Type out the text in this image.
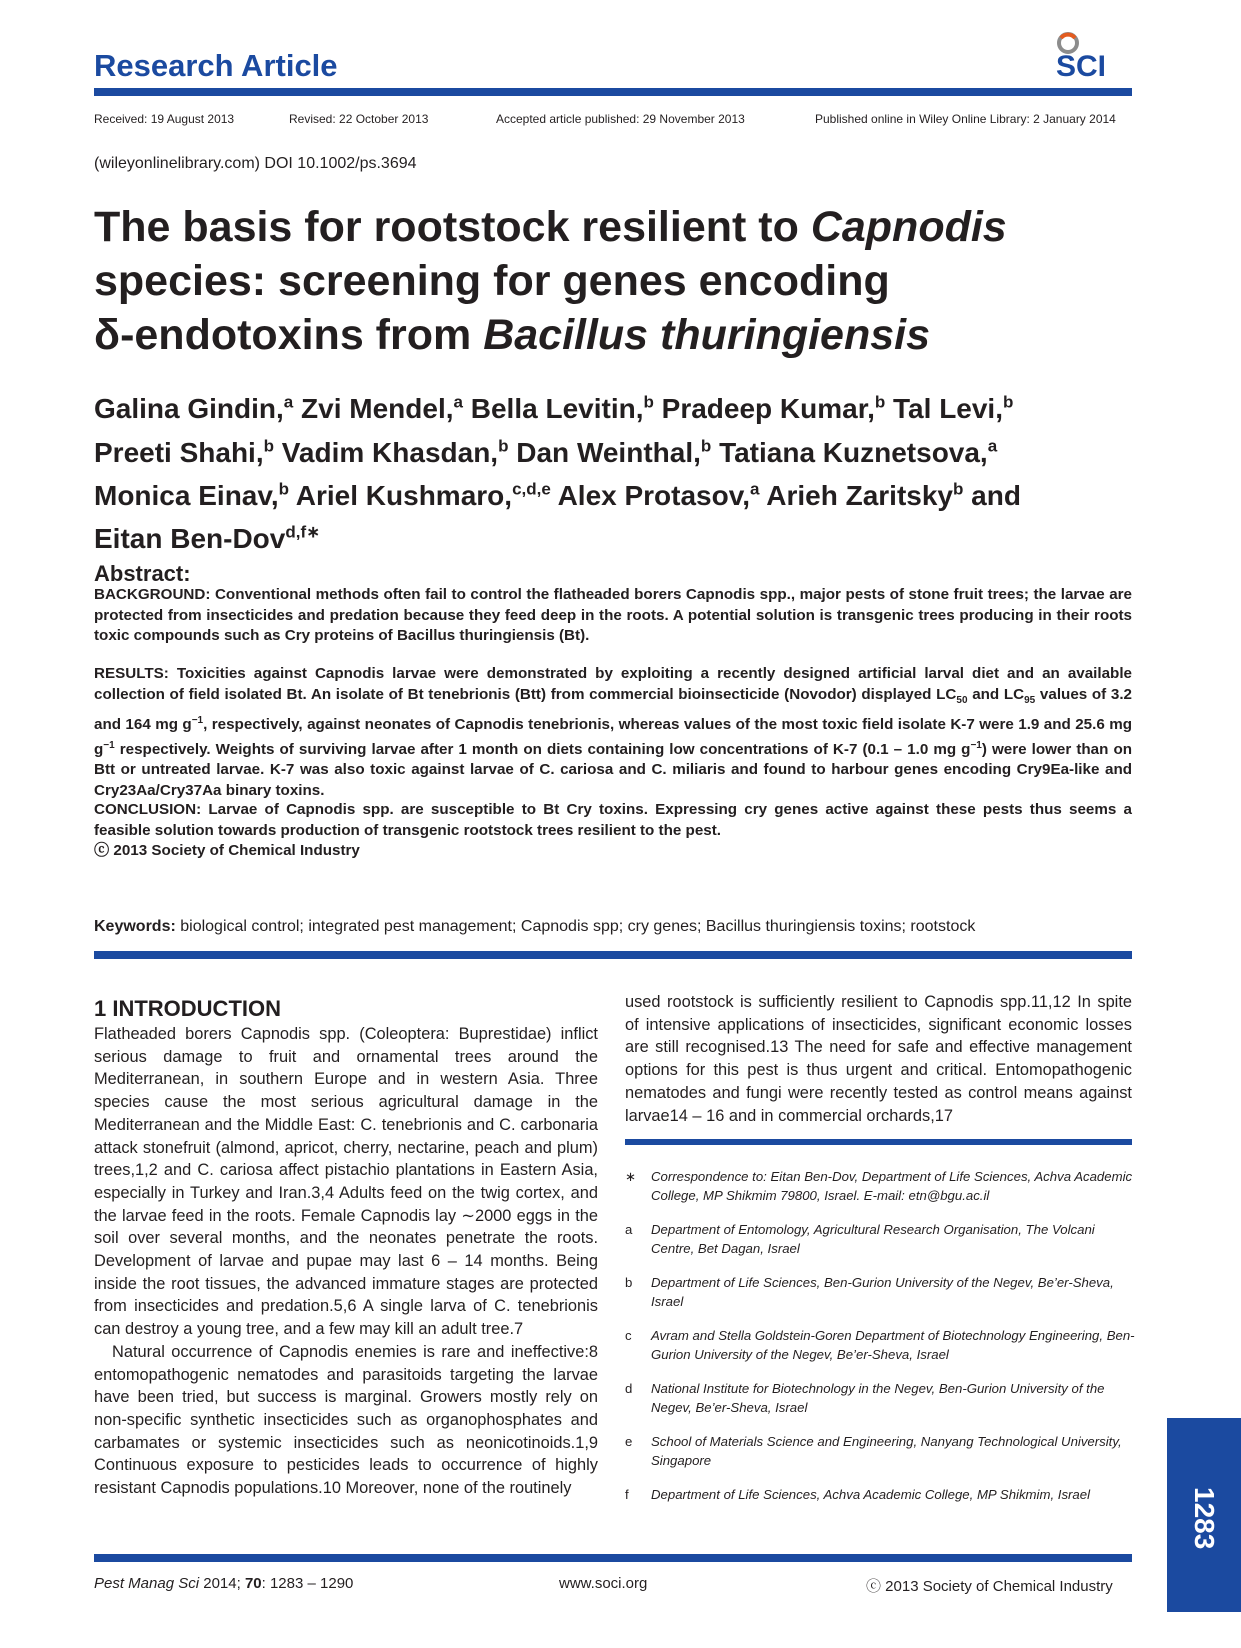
Research Article	SCI
Received: 19 August 2013	Revised: 22 October 2013	Accepted article published: 29 November 2013	Published online in Wiley Online Library: 2 January 2014
(wileyonlinelibrary.com) DOI 10.1002/ps.3694
The basis for rootstock resilient to Capnodis
species: screening for genes encoding
δ-endotoxins from Bacillus thuringiensis
Galina Gindin,$^a$ Zvi Mendel,$^a$ Bella Levitin,$^b$ Pradeep Kumar,$^b$ Tal Levi,$^b$
Preeti Shahi,$^b$ Vadim Khasdan,$^b$ Dan Weinthal,$^b$ Tatiana Kuznetsova,$^a$
Monica Einav,$^b$ Ariel Kushmaro,$^{c,d,e}$ Alex Protasov,$^a$ Arieh Zaritsky$^b$ and
Eitan Ben-Dov$^{d,f∗}$
Abstract:
BACKGROUND: Conventional methods often fail to control the flatheaded borers Capnodis spp., major pests of stone fruit trees; the larvae are protected from insecticides and predation because they feed deep in the roots. A potential solution is transgenic trees producing in their roots toxic compounds such as Cry proteins of Bacillus thuringiensis (Bt).
RESULTS: Toxicities against Capnodis larvae were demonstrated by exploiting a recently designed artificial larval diet and an available collection of field isolated Bt. An isolate of Bt tenebrionis (Btt) from commercial bioinsecticide (Novodor) displayed $LC_{50}$ and $LC_{95}$ values of 3.2 and 164 mg $g^{-1}$, respectively, against neonates of Capnodis tenebrionis, whereas values of the most toxic field isolate K-7 were 1.9 and 25.6 mg $g^{-1}$ respectively. Weights of surviving larvae after 1 month on diets containing low concentrations of K-7 (0.1 – 1.0 mg $g^{-1}$) were lower than on Btt or untreated larvae. K-7 was also toxic against larvae of C. cariosa and C. miliaris and found to harbour genes encoding Cry9Ea-like and Cry23Aa/Cry37Aa binary toxins.
CONCLUSION: Larvae of Capnodis spp. are susceptible to Bt Cry toxins. Expressing cry genes active against these pests thus seems a feasible solution towards production of transgenic rootstock trees resilient to the pest.
ⓒ 2013 Society of Chemical Industry
Keywords: biological control; integrated pest management; Capnodis spp; cry genes; Bacillus thuringiensis toxins; rootstock
1 INTRODUCTION

Flatheaded borers Capnodis spp. (Coleoptera: Buprestidae) inflict serious damage to fruit and ornamental trees around the Mediterranean, in southern Europe and in western Asia. Three species cause the most serious agricultural damage in the Mediterranean and the Middle East: C. tenebrionis and C. carbonaria attack stonefruit (almond, apricot, cherry, nectarine, peach and plum) trees,1,2 and C. cariosa affect pistachio plantations in Eastern Asia, especially in Turkey and Iran.3,4 Adults feed on the twig cortex, and the larvae feed in the roots. Female Capnodis lay ∼2000 eggs in the soil over several months, and the neonates penetrate the roots. Development of larvae and pupae may last 6 – 14 months. Being inside the root tissues, the advanced immature stages are protected from insecticides and predation.5,6 A single larva of C. tenebrionis can destroy a young tree, and a few may kill an adult tree.7

Natural occurrence of Capnodis enemies is rare and ineffective:8 entomopathogenic nematodes and parasitoids targeting the larvae have been tried, but success is marginal. Growers mostly rely on non-specific synthetic insecticides such as organophosphates and carbamates or systemic insecticides such as neonicotinoids.1,9 Continuous exposure to pesticides leads to occurrence of highly resistant Capnodis populations.10 Moreover, none of the routinely

used rootstock is sufficiently resilient to Capnodis spp.11,12 In spite of intensive applications of insecticides, significant economic losses are still recognised.13 The need for safe and effective management options for this pest is thus urgent and critical. Entomopathogenic nematodes and fungi were recently tested as control means against larvae14 – 16 and in commercial orchards,17
∗ Correspondence to: Eitan Ben-Dov, Department of Life Sciences, Achva Academic College, MP Shikmim 79800, Israel. E-mail: etn@bgu.ac.il
a Department of Entomology, Agricultural Research Organisation, The Volcani Centre, Bet Dagan, Israel
b Department of Life Sciences, Ben-Gurion University of the Negev, Be’er-Sheva, Israel
c Avram and Stella Goldstein-Goren Department of Biotechnology Engineering, Ben-Gurion University of the Negev, Be’er-Sheva, Israel
d National Institute for Biotechnology in the Negev, Ben-Gurion University of the Negev, Be’er-Sheva, Israel
e School of Materials Science and Engineering, Nanyang Technological University, Singapore
f Department of Life Sciences, Achva Academic College, MP Shikmim, Israel
Pest Manag Sci 2014; 70: 1283 – 1290	www.soci.org	ⓒ 2013 Society of Chemical Industry
1283
